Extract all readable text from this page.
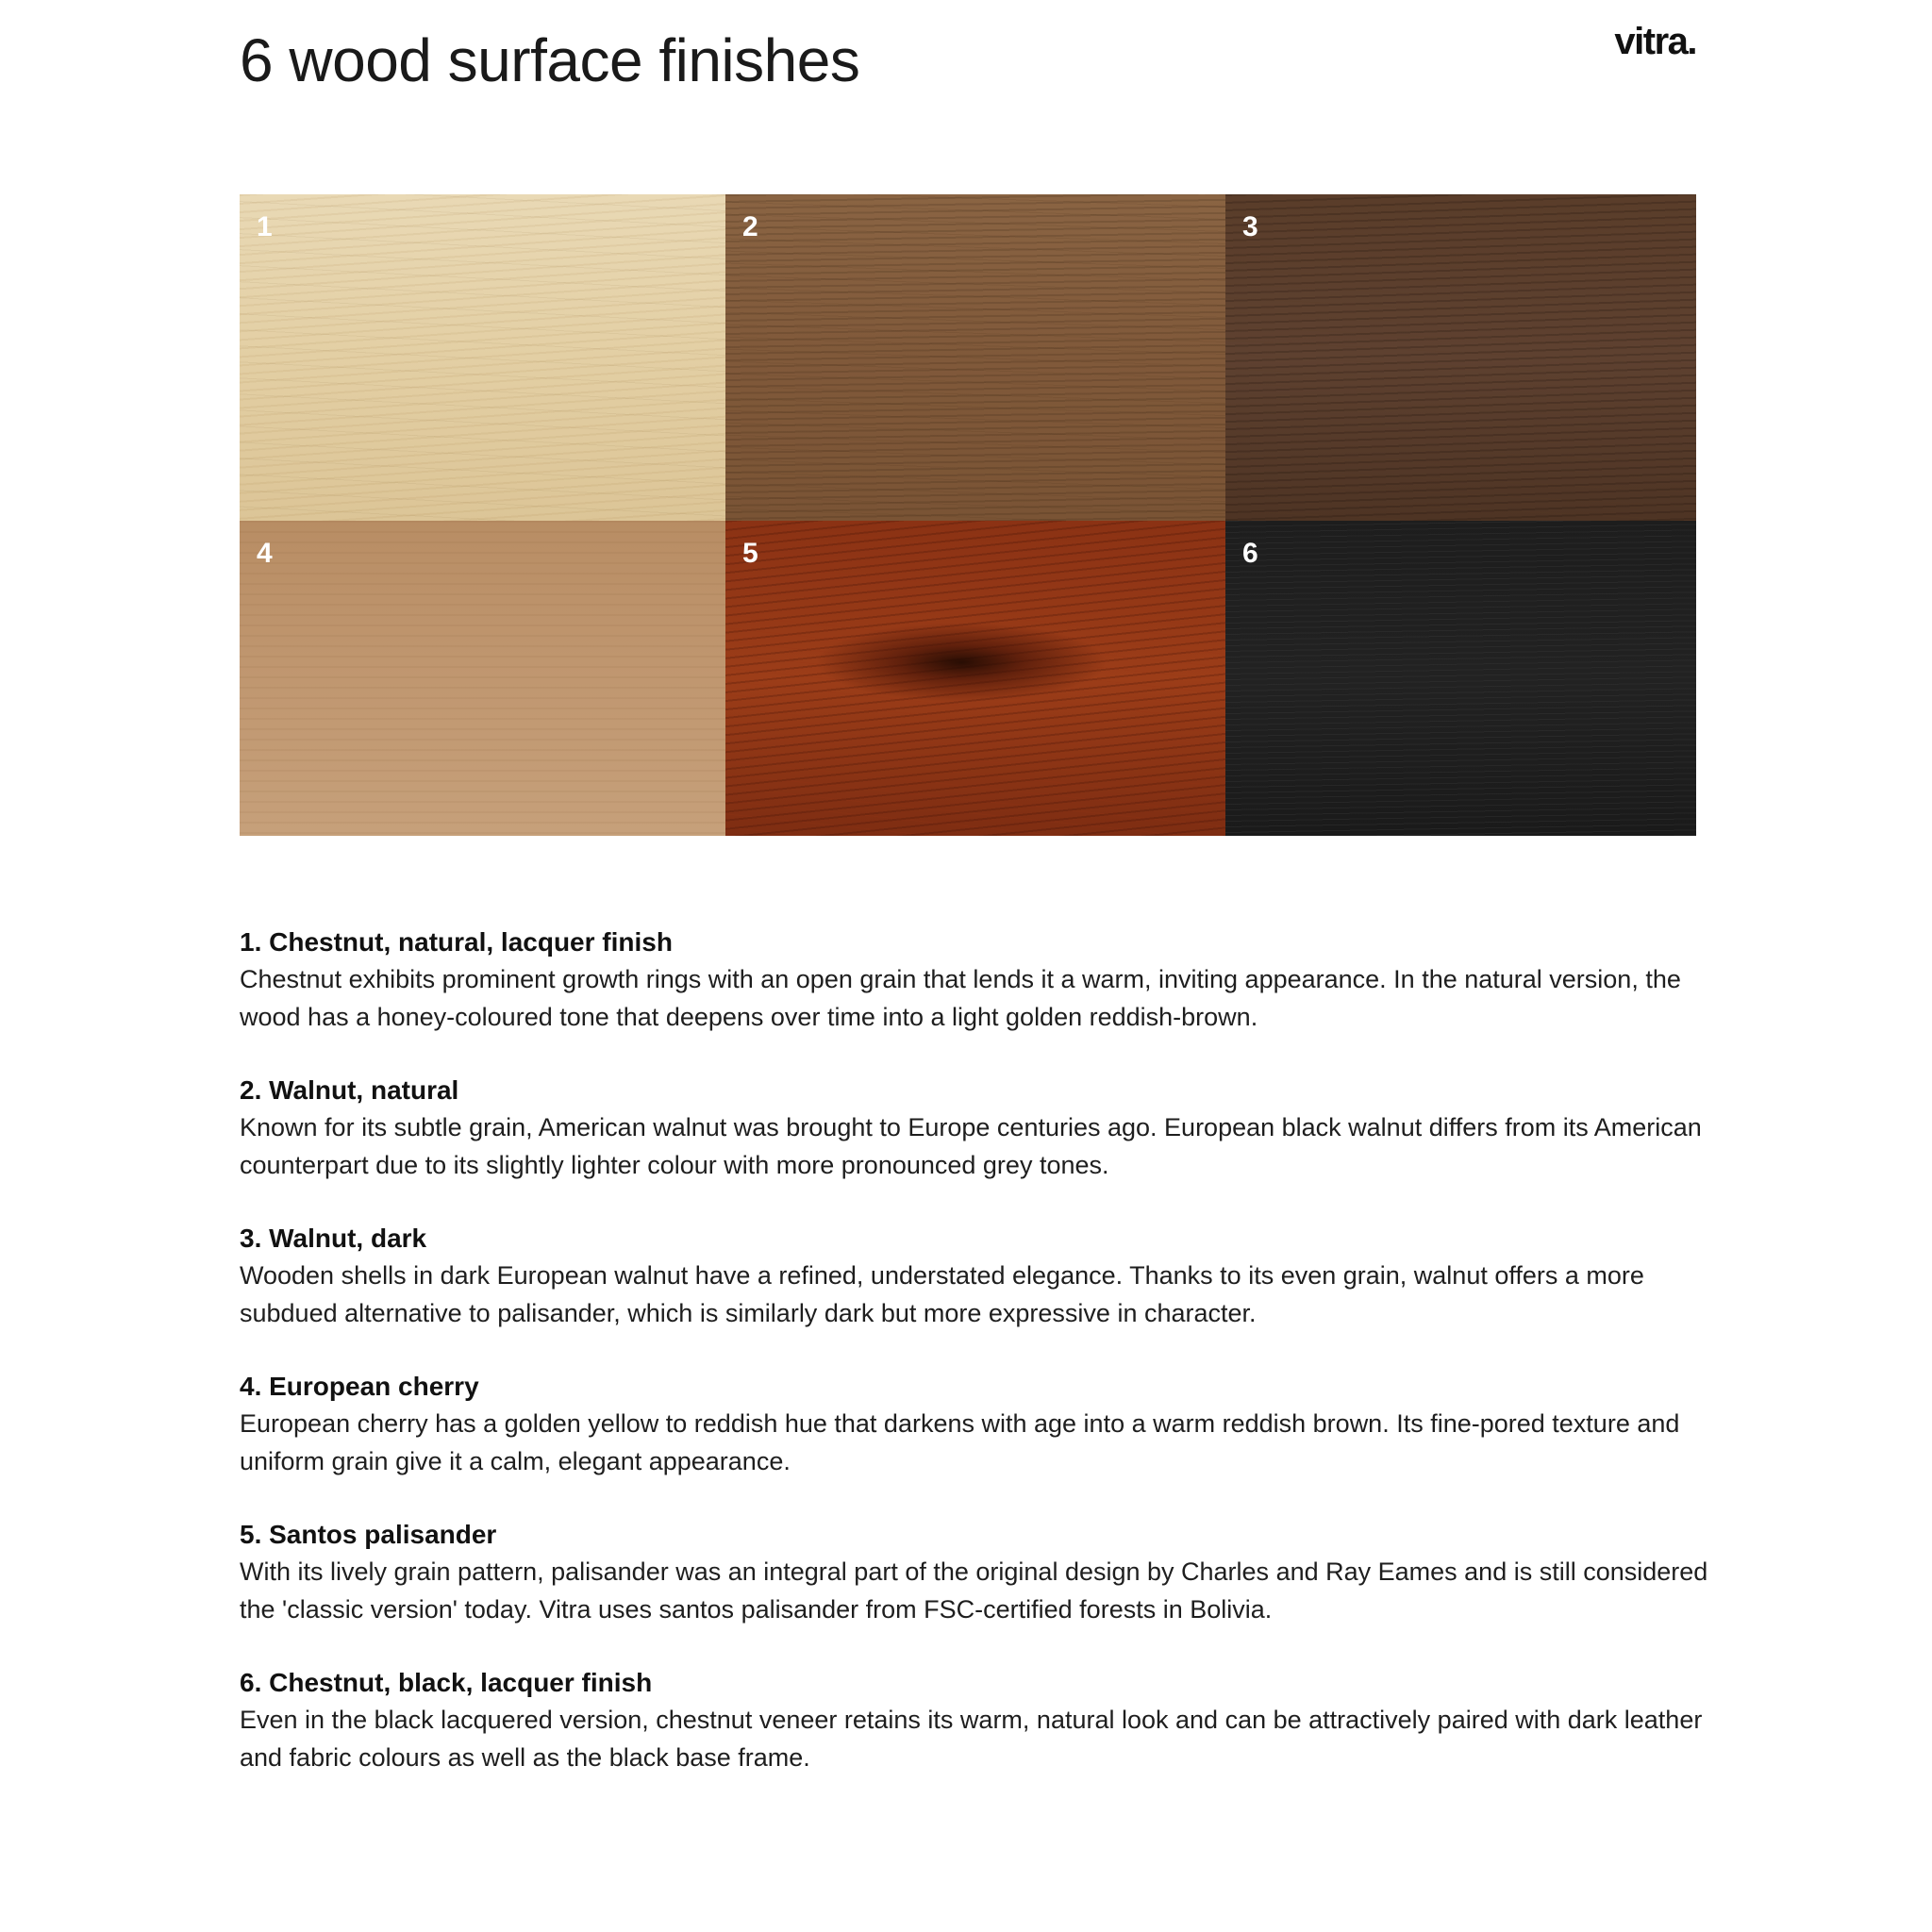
6 wood surface finishes	vitra.
1	2	3
4	5	6

1. Chestnut, natural, lacquer finish

Chestnut exhibits prominent growth rings with an open grain that lends it a warm, inviting appearance. In the natural version, the wood has a honey-coloured tone that deepens over time into a light golden reddish-brown.

2. Walnut, natural

Known for its subtle grain, American walnut was brought to Europe centuries ago. European black walnut differs from its American counterpart due to its slightly lighter colour with more pronounced grey tones.

3. Walnut, dark

Wooden shells in dark European walnut have a refined, understated elegance. Thanks to its even grain, walnut offers a more subdued alternative to palisander, which is similarly dark but more expressive in character.

4. European cherry

European cherry has a golden yellow to reddish hue that darkens with age into a warm reddish brown. Its fine-pored texture and uniform grain give it a calm, elegant appearance.

5. Santos palisander

With its lively grain pattern, palisander was an integral part of the original design by Charles and Ray Eames and is still considered the 'classic version' today. Vitra uses santos palisander from FSC-certified forests in Bolivia.

6. Chestnut, black, lacquer finish

Even in the black lacquered version, chestnut veneer retains its warm, natural look and can be attractively paired with dark leather and fabric colours as well as the black base frame.
